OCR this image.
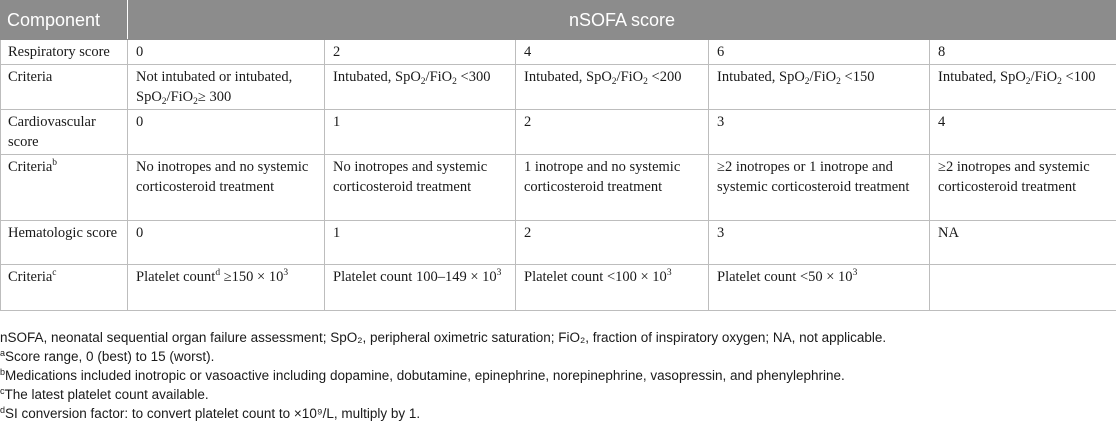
Component	nSOFA score				
Respiratory score	0	2	4	6	8
Criteria	Not intubated or intubated, SpO$_2$/FiO$_2$≥ 300	Intubated, SpO$_2$/FiO$_2$ <300	Intubated, SpO$_2$/FiO$_2$ <200	Intubated, SpO$_2$/FiO$_2$ <150	Intubated, SpO$_2$/FiO$_2$ <100
Cardiovascular score	0	1	2	3	4
Criteria$^b$	No inotropes and no systemic corticosteroid treatment	No inotropes and systemic corticosteroid treatment	1 inotrope and no systemic corticosteroid treatment	≥2 inotropes or 1 inotrope and systemic corticosteroid treatment	≥2 inotropes and systemic corticosteroid treatment
Hematologic score	0	1	2	3	NA
Criteria$^c$	Platelet count$^d$ $\ge 150 \times 10^3$	Platelet count $100-149 \times 10^3$	Platelet count $<100 \times 10^3$	Platelet count $<50 \times 10^3$	
nSOFA, neonatal sequential organ failure assessment; SpO₂, peripheral oximetric saturation; FiO₂, fraction of inspiratory oxygen; NA, not applicable.
$^a$Score range, 0 (best) to 15 (worst).
$^b$Medications included inotropic or vasoactive including dopamine, dobutamine, epinephrine, norepinephrine, vasopressin, and phenylephrine.
$^c$The latest platelet count available.
$^d$SI conversion factor: to convert platelet count to ×10⁹/L, multiply by 1.
